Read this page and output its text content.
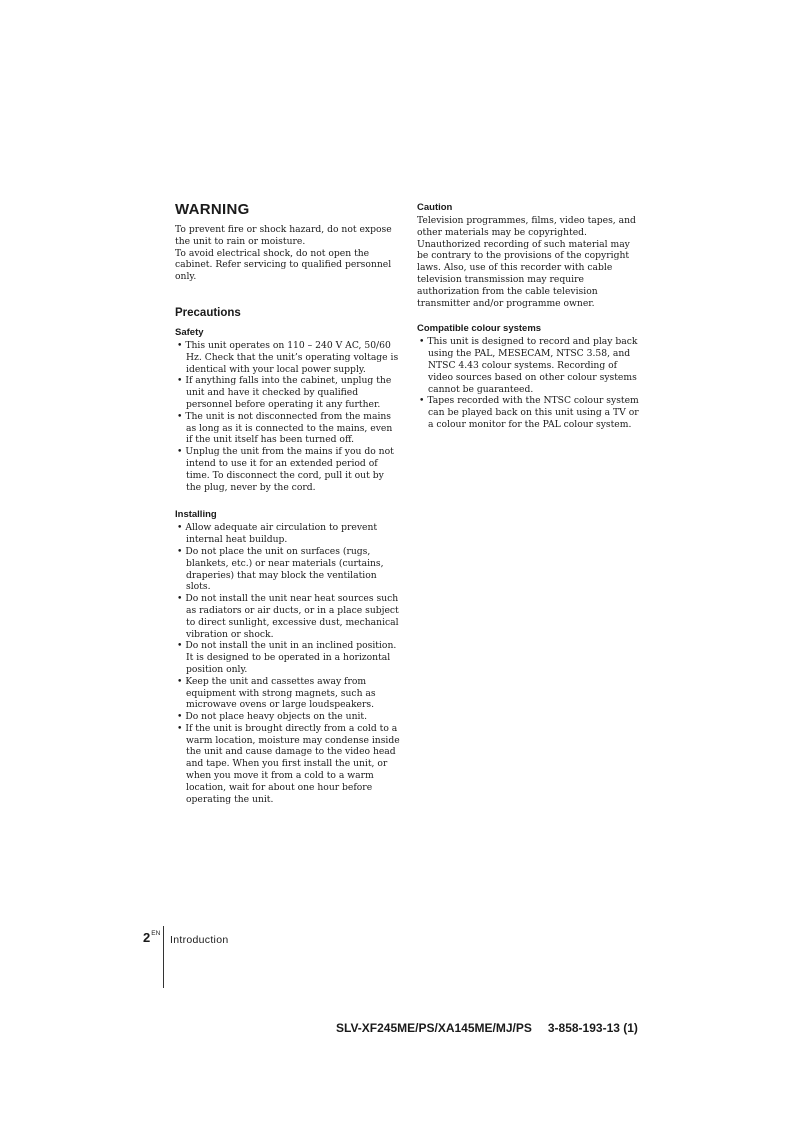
WARNING

To prevent fire or shock hazard, do not expose the unit to rain or moisture.

To avoid electrical shock, do not open the cabinet. Refer servicing to qualified personnel only.

Precautions
Safety
• This unit operates on 110 – 240 V AC, 50/60 Hz. Check that the unit’s operating voltage is identical with your local power supply.
• If anything falls into the cabinet, unplug the unit and have it checked by qualified personnel before operating it any further.
• The unit is not disconnected from the mains as long as it is connected to the mains, even if the unit itself has been turned off.
• Unplug the unit from the mains if you do not intend to use it for an extended period of time. To disconnect the cord, pull it out by the plug, never by the cord.
Installing
• Allow adequate air circulation to prevent internal heat buildup.
• Do not place the unit on surfaces (rugs, blankets, etc.) or near materials (curtains, draperies) that may block the ventilation slots.
• Do not install the unit near heat sources such as radiators or air ducts, or in a place subject to direct sunlight, excessive dust, mechanical vibration or shock.
• Do not install the unit in an inclined position. It is designed to be operated in a horizontal position only.
• Keep the unit and cassettes away from equipment with strong magnets, such as microwave ovens or large loudspeakers.
• Do not place heavy objects on the unit.
• If the unit is brought directly from a cold to a warm location, moisture may condense inside the unit and cause damage to the video head and tape. When you first install the unit, or when you move it from a cold to a warm location, wait for about one hour before operating the unit.
Caution

Television programmes, films, video tapes, and other materials may be copyrighted. Unauthorized recording of such material may be contrary to the provisions of the copyright laws. Also, use of this recorder with cable television transmission may require authorization from the cable television transmitter and/or programme owner.

Compatible colour systems
• This unit is designed to record and play back using the PAL, MESECAM, NTSC 3.58, and NTSC 4.43 colour systems. Recording of video sources based on other colour systems cannot be guaranteed.
• Tapes recorded with the NTSC colour system can be played back on this unit using a TV or a colour monitor for the PAL colour system.
$2^{EN}$
Introduction
SLV-XF245ME/PS/XA145ME/MJ/PS 3-858-193-13 (1)
